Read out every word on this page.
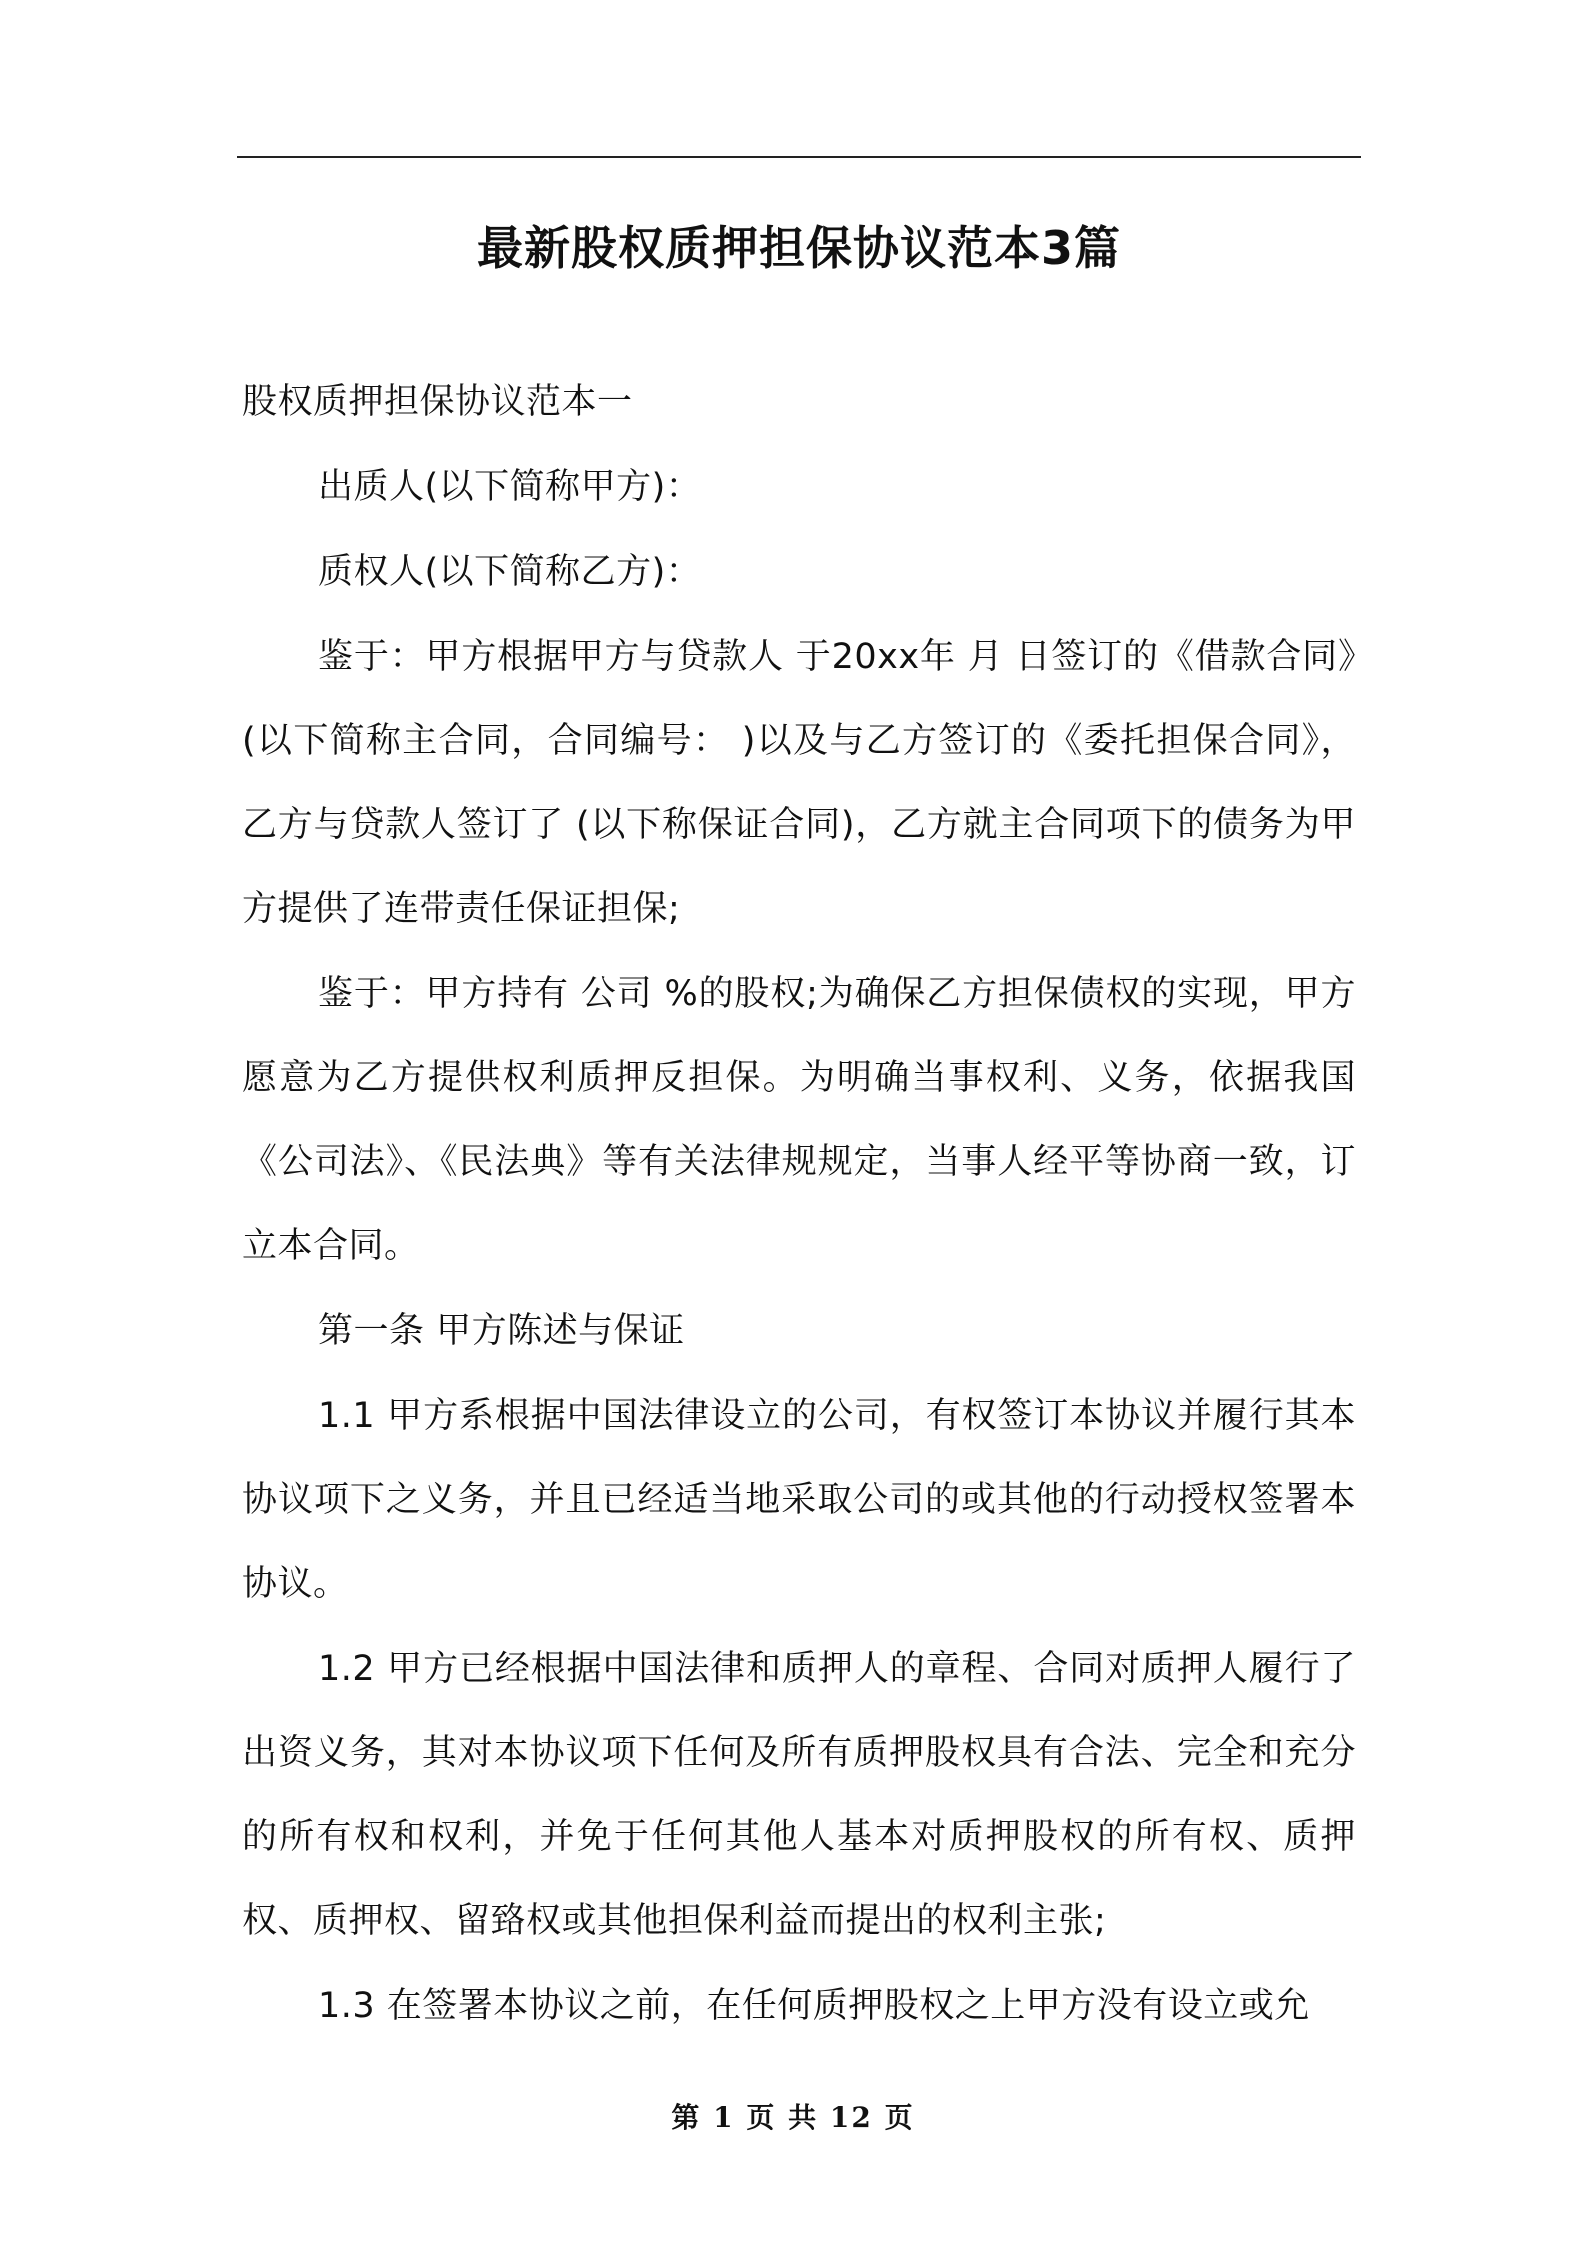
最新股权质押担保协议范本3篇

股权质押担保协议范本一

出质人(以下简称甲方)：

质权人(以下简称乙方)：

鉴于：甲方根据甲方与贷款人 于20xx年 月 日签订的《借款合同》(以下简称主合同，合同编号： )以及与乙方签订的《委托担保合同》，乙方与贷款人签订了 (以下称保证合同)，乙方就主合同项下的债务为甲方提供了连带责任保证担保;

鉴于：甲方持有 公司 %的股权;为确保乙方担保债权的实现，甲方愿意为乙方提供权利质押反担保。为明确当事权利、义务，依据我国《公司法》、《民法典》等有关法律规规定，当事人经平等协商一致，订立本合同。

第一条 甲方陈述与保证

1.1 甲方系根据中国法律设立的公司，有权签订本协议并履行其本协议项下之义务，并且已经适当地采取公司的或其他的行动授权签署本协议。

1.2 甲方已经根据中国法律和质押人的章程、合同对质押人履行了出资义务，其对本协议项下任何及所有质押股权具有合法、完全和充分的所有权和权利，并免于任何其他人基本对质押股权的所有权、质押权、质押权、留臵权或其他担保利益而提出的权利主张;

1.3 在签署本协议之前，在任何质押股权之上甲方没有设立或允

第 1 页 共 12 页
